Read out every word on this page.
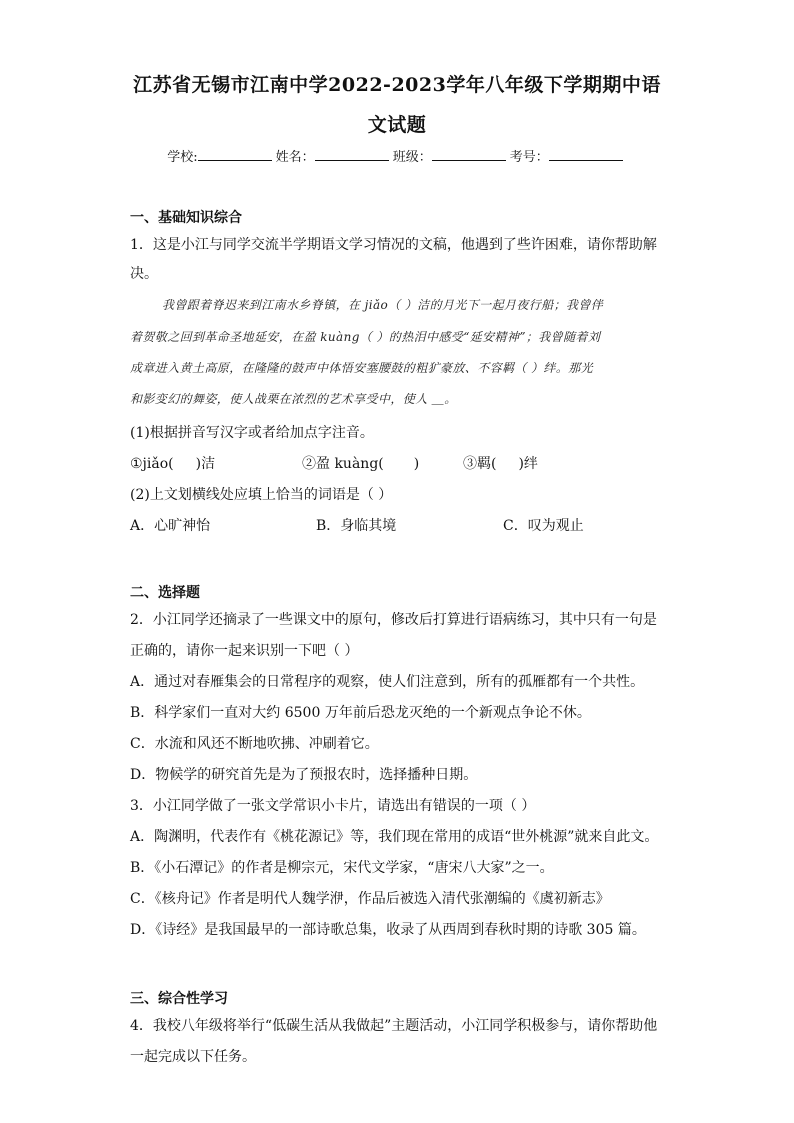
江苏省无锡市江南中学2022-2023学年八年级下学期期中语
文试题
学校:	姓名：	班级：	考号：
一、基础知识综合
1．这是小江与同学交流半学期语文学习情况的文稿，他遇到了些许困难，请你帮助解
决。
我曾跟着脊迟来到江南水乡脊镇，在 jiǎo（ ）洁的月光下一起月夜行船；我曾伴
着贺敬之回到革命圣地延安，在盈 kuàng（ ）的热泪中感受“延安精神”；我曾随着刘
成章进入黄土高原，在隆隆的鼓声中体悟安塞腰鼓的粗犷豪放、不容羁（ ）绊。那光
和影变幻的舞姿，使人战栗在浓烈的艺术享受中，使人 ＿。
(1)根据拼音写汉字或者给加点字注音。
①jiǎo( )洁	②盈 kuàng( )	③羁( )绊
(2)上文划横线处应填上恰当的词语是（ ）
A．心旷神怡	B．身临其境	C．叹为观止
二、选择题
2．小江同学还摘录了一些课文中的原句，修改后打算进行语病练习，其中只有一句是
正确的，请你一起来识别一下吧（ ）
A．通过对春雁集会的日常程序的观察，使人们注意到，所有的孤雁都有一个共性。
B．科学家们一直对大约 6500 万年前后恐龙灭绝的一个新观点争论不休。
C．水流和风还不断地吹拂、冲刷着它。
D．物候学的研究首先是为了预报农时，选择播种日期。
3．小江同学做了一张文学常识小卡片，请选出有错误的一项（ ）
A．陶渊明，代表作有《桃花源记》等，我们现在常用的成语“世外桃源”就来自此文。
B．《小石潭记》的作者是柳宗元，宋代文学家，“唐宋八大家”之一。
C．《核舟记》作者是明代人魏学洢，作品后被选入清代张潮编的《虞初新志》
D．《诗经》是我国最早的一部诗歌总集，收录了从西周到春秋时期的诗歌 305 篇。
三、综合性学习
4．我校八年级将举行“低碳生活从我做起”主题活动，小江同学积极参与，请你帮助他
一起完成以下任务。
